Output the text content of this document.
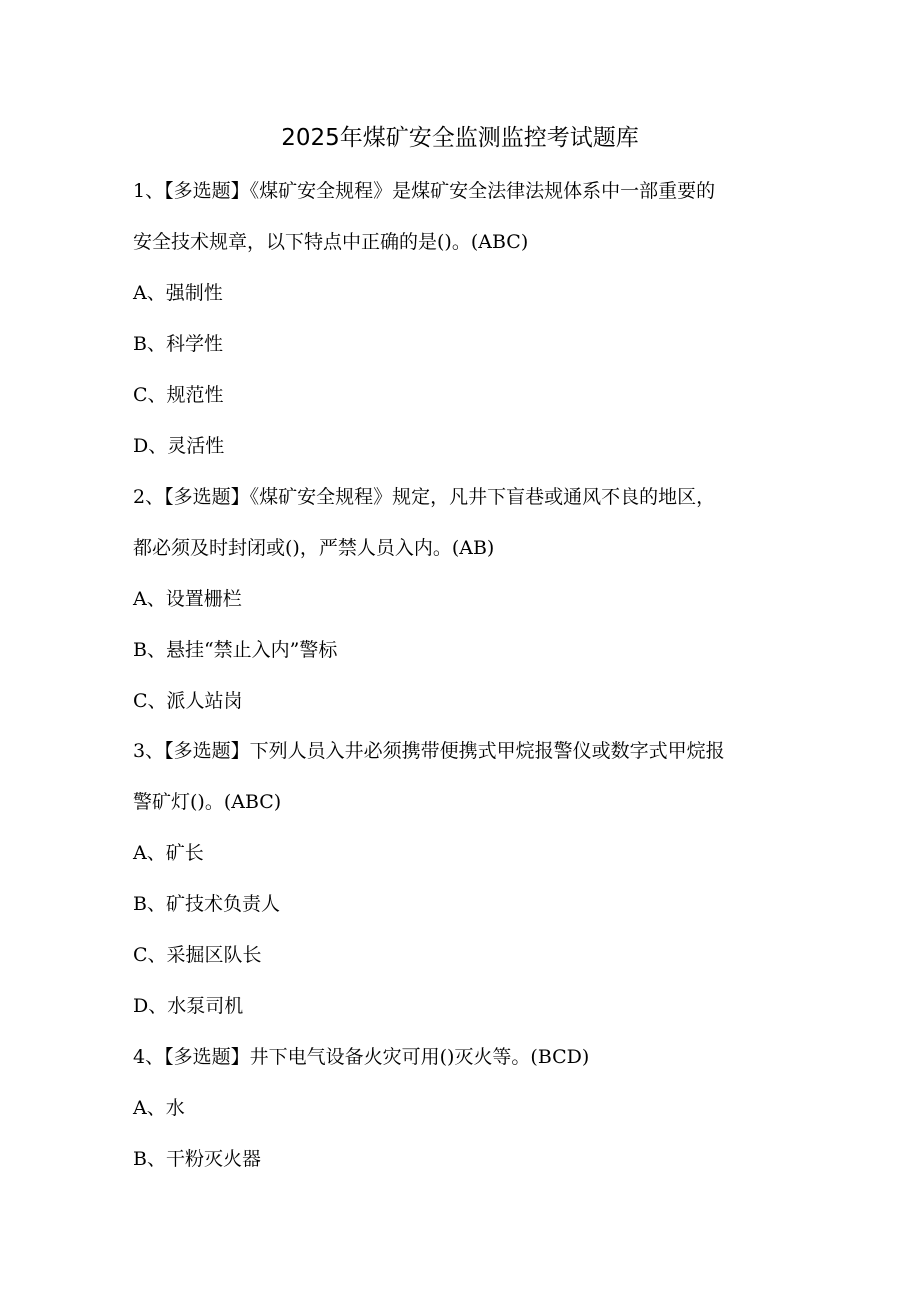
2025年煤矿安全监测监控考试题库
1、【多选题】《煤矿安全规程》是煤矿安全法律法规体系中一部重要的
安全技术规章，以下特点中正确的是()。(ABC)
A、强制性
B、科学性
C、规范性
D、灵活性
2、【多选题】《煤矿安全规程》规定，凡井下盲巷或通风不良的地区，
都必须及时封闭或()，严禁人员入内。(AB)
A、设置栅栏
B、悬挂“禁止入内”警标
C、派人站岗
3、【多选题】下列人员入井必须携带便携式甲烷报警仪或数字式甲烷报
警矿灯()。(ABC)
A、矿长
B、矿技术负责人
C、采掘区队长
D、水泵司机
4、【多选题】井下电气设备火灾可用()灭火等。(BCD)
A、水
B、干粉灭火器
